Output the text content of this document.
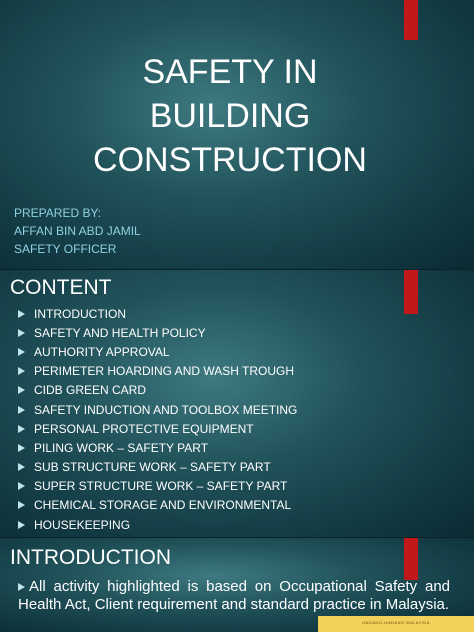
SAFETY IN
BUILDING
CONSTRUCTION
PREPARED BY:
AFFAN BIN ABD JAMIL
SAFETY OFFICER
CONTENT
INTRODUCTION
SAFETY AND HEALTH POLICY
AUTHORITY APPROVAL
PERIMETER HOARDING AND WASH TROUGH
CIDB GREEN CARD
SAFETY INDUCTION AND TOOLBOX MEETING
PERSONAL PROTECTIVE EQUIPMENT
PILING WORK – SAFETY PART
SUB STRUCTURE WORK – SAFETY PART
SUPER STRUCTURE WORK – SAFETY PART
CHEMICAL STORAGE AND ENVIRONMENTAL
HOUSEKEEPING
INTRODUCTION
All activity highlighted is based on Occupational Safety and Health Act, Client requirement and standard practice in Malaysia.
UNDANG-UNDANG MALAYSIA
